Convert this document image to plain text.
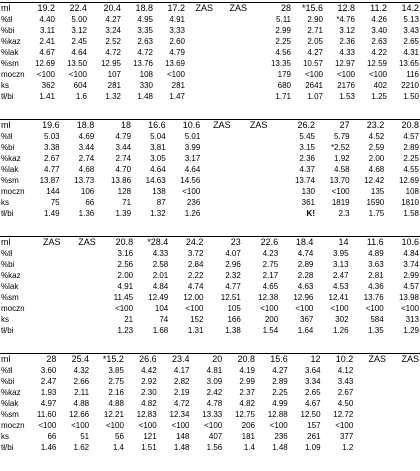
ml	19.2	22.4	20.4	18.8	17.2	ZAS	ZAS	28	*15.6	12.8	11.2	14.2
%tł	4.40	5.00	4.27	4.95	4.91			5.11	2.90	*4.76	4.26	5.13
%bi	3.11	3.12	3.24	3.35	3.33			2.99	2.71	3.12	3.40	3.43
%kaz	2.41	2.45	2.52	2.63	2.60			2.25	2.05	2.36	2.63	2.65
%lak	4.67	4.64	4.72	4.72	4.79			4.56	4.27	4.33	4.22	4.31
%sm	12.69	13.50	12.95	13.76	13.69			13.35	10.57	12.97	12.59	13.65
moczn	<100	<100	107	108	<100			179	<100	<100	<100	116
ks	362	604	281	330	281			680	2641	2176	402	2210
tł/bi	1.41	1.6	1.32	1.48	1.47			1.71	1.07	1.53	1.25	1.50
ml	19.6	18.8	18	16.6	10.6	ZAS	ZAS	26.2	27	23.2	20.8
%tł	5.03	4.69	4.79	5.04	5.01			5.45	5.79	4.52	4.57
%bi	3.38	3.44	3.44	3.81	3.99			3.15	*2.52	2.59	2.89
%kaz	2.67	2.74	2.74	3.05	3.17			2.36	1.92	2.00	2.25
%lak	4.77	4.68	4.70	4.64	4.64			4.37	4.58	4.68	4.55
%sm	13.87	13.73	13.86	14.63	14.56			13.74	13.70	12.42	12.69
moczn	144	106	128	138	<100			130	<100	135	108
ks	75	66	71	87	236			361	1819	1590	1810
tł/bi	1.49	1.36	1.39	1.32	1.26			K!	2.3	1.75	1.58
ml	ZAS	ZAS	20.8	*28.4	24.2	23	22.6	18.4	14	11.6	10.6
%tł			3.16	4.33	3.72	4.07	4.23	4.74	3.95	4.89	4.84
%bi			2.56	2.58	2.84	2.96	2.75	2.89	3.13	3.63	3.74
%kaz			2.00	2.01	2.22	2.32	2.17	2.28	2.47	2.81	2.99
%lak			4.91	4.84	4.74	4.77	4.65	4.63	4.53	4.36	4.57
%sm			11.45	12.49	12.00	12.51	12.38	12.96	12.41	13.76	13.98
moczn			<100	104	<100	105	<100	<100	<100	<100	<100
ks			21	74	152	166	200	367	302	584	313
tł/bi			1.23	1.68	1.31	1.38	1.54	1.64	1.26	1.35	1.29
ml	28	25.4	*15.2	26.6	23.4	20	20.8	15.6	12	10.2	ZAS	ZAS
%tł	3.60	4.32	3.85	4.42	4.17	4.81	4.19	4.27	3.64	4.12		
%bi	2.47	2.66	2.75	2.92	2.82	3.09	2.99	2.89	3.34	3.43		
%kaz	1.93	2.11	2.16	2.30	2.19	2.42	2.37	2.25	2.65	2.67		
%lak	4.97	4.88	4.88	4.82	4.72	4.78	4.82	4.99	4.67	4.50		
%sm	11.60	12.66	12.21	12.83	12.34	13.33	12.75	12.88	12.50	12.72		
moczn	<100	<100	<100	<100	<100	<100	206	<100	157	<100		
ks	66	51	56	121	148	407	181	236	261	377		
tł/bi	1.46	1.62	1.4	1.51	1.48	1.56	1.4	1.48	1.09	1.2		
